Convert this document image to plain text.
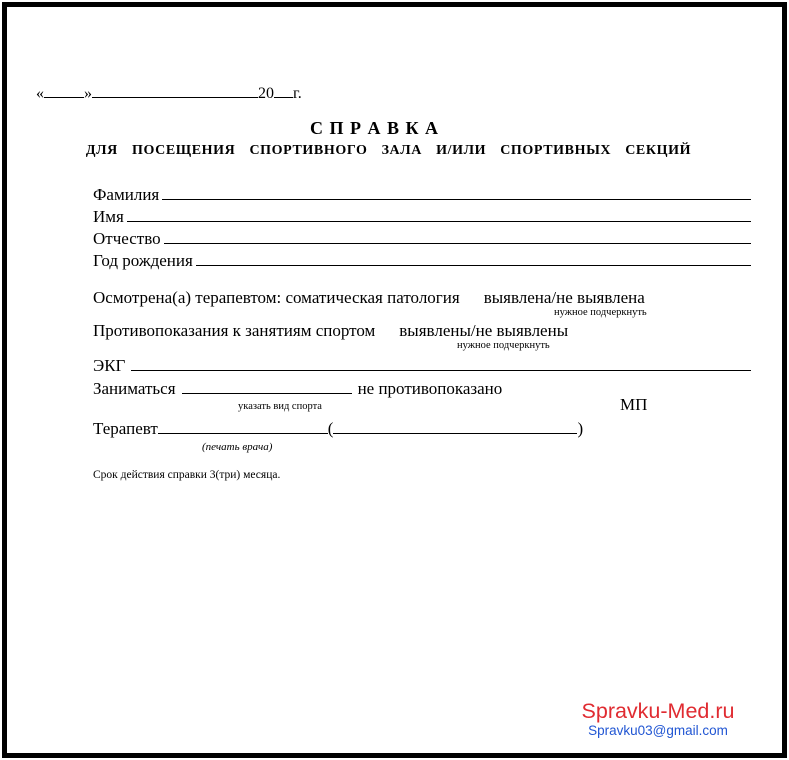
«	»	20 г.
С П Р А В К А
ДЛЯ ПОСЕЩЕНИЯ СПОРТИВНОГО ЗАЛА И/ИЛИ СПОРТИВНЫХ СЕКЦИЙ
Фамилия
Имя
Отчество
Год рождения
Осмотрена(а) терапевтом: соматическая патология выявлена/не выявлена
нужное подчеркнуть
Противопоказания к занятиям спортом выявлены/не выявлены
нужное подчеркнуть
ЭКГ
Заниматься	не противопоказано
указать вид спорта	МП
Терапевт	(	)
(печать врача)
Срок действия справки 3(три) месяца.
Spravku-Med.ru
Spravku03@gmail.com
